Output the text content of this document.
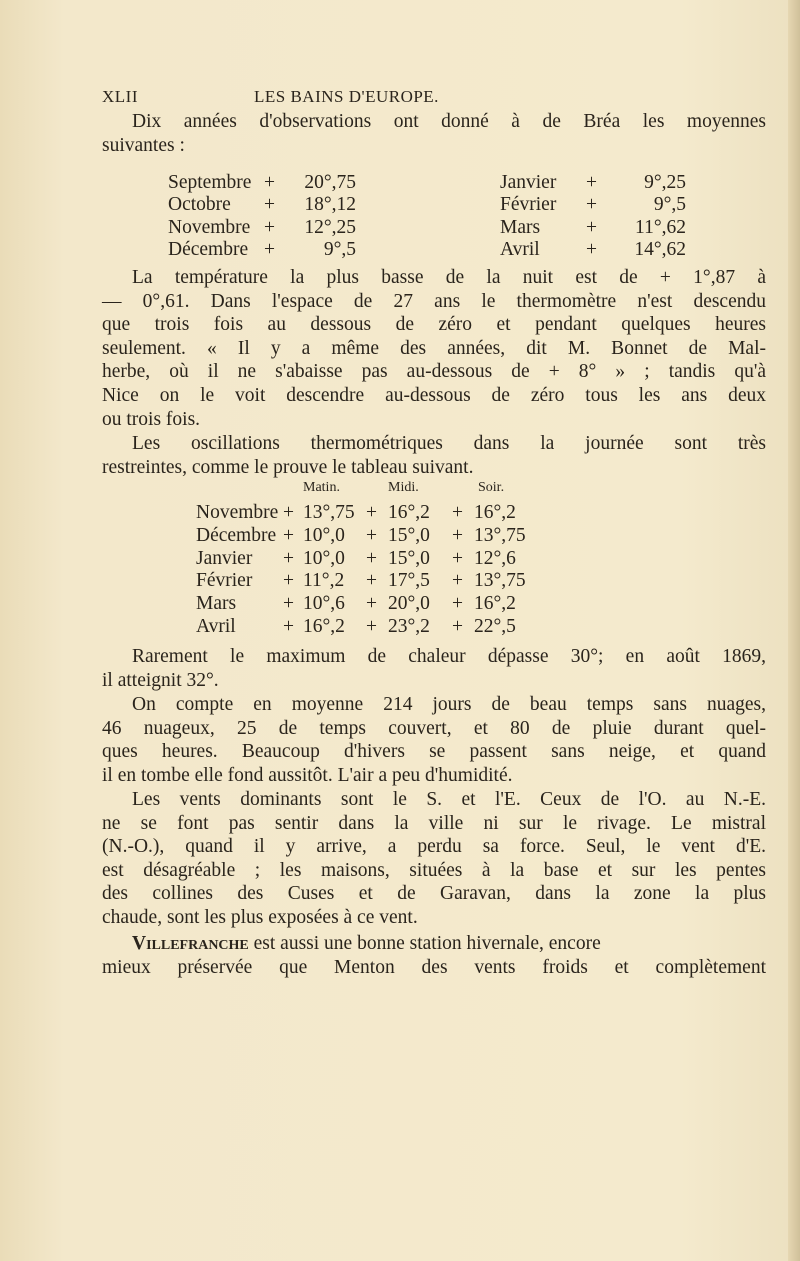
XLII	LES BAINS D'EUROPE.
Dix années d'observations ont donné à de Bréa les moyennes
suivantes :
Septembre +	20°,75	Janvier +	9°,25
Octobre +	18°,12	Février +	9°,5
Novembre +	12°,25	Mars +	11°,62
Décembre +	9°,5	Avril +	14°,62
La température la plus basse de la nuit est de + 1°,87 à
— 0°,61. Dans l'espace de 27 ans le thermomètre n'est descendu
que trois fois au dessous de zéro et pendant quelques heures
seulement. « Il y a même des années, dit M. Bonnet de Mal-
herbe, où il ne s'abaisse pas au-dessous de + 8° » ; tandis qu'à
Nice on le voit descendre au-dessous de zéro tous les ans deux
ou trois fois.
Les oscillations thermométriques dans la journée sont très
restreintes, comme le prouve le tableau suivant.
Matin.	Midi.	Soir.
Novembre + 13°,75 + 16°,2 + 16°,2
Décembre + 10°,0 + 15°,0 + 13°,75
Janvier + 10°,0 + 15°,0 + 12°,6
Février + 11°,2 + 17°,5 + 13°,75
Mars + 10°,6 + 20°,0 + 16°,2
Avril + 16°,2 + 23°,2 + 22°,5
Rarement le maximum de chaleur dépasse 30°; en août 1869,
il atteignit 32°.
On compte en moyenne 214 jours de beau temps sans nuages,
46 nuageux, 25 de temps couvert, et 80 de pluie durant quel-
ques heures. Beaucoup d'hivers se passent sans neige, et quand
il en tombe elle fond aussitôt. L'air a peu d'humidité.
Les vents dominants sont le S. et l'E. Ceux de l'O. au N.-E.
ne se font pas sentir dans la ville ni sur le rivage. Le mistral
(N.-O.), quand il y arrive, a perdu sa force. Seul, le vent d'E.
est désagréable ; les maisons, situées à la base et sur les pentes
des collines des Cuses et de Garavan, dans la zone la plus
chaude, sont les plus exposées à ce vent.
Villefranche est aussi une bonne station hivernale, encore
mieux préservée que Menton des vents froids et complètement
